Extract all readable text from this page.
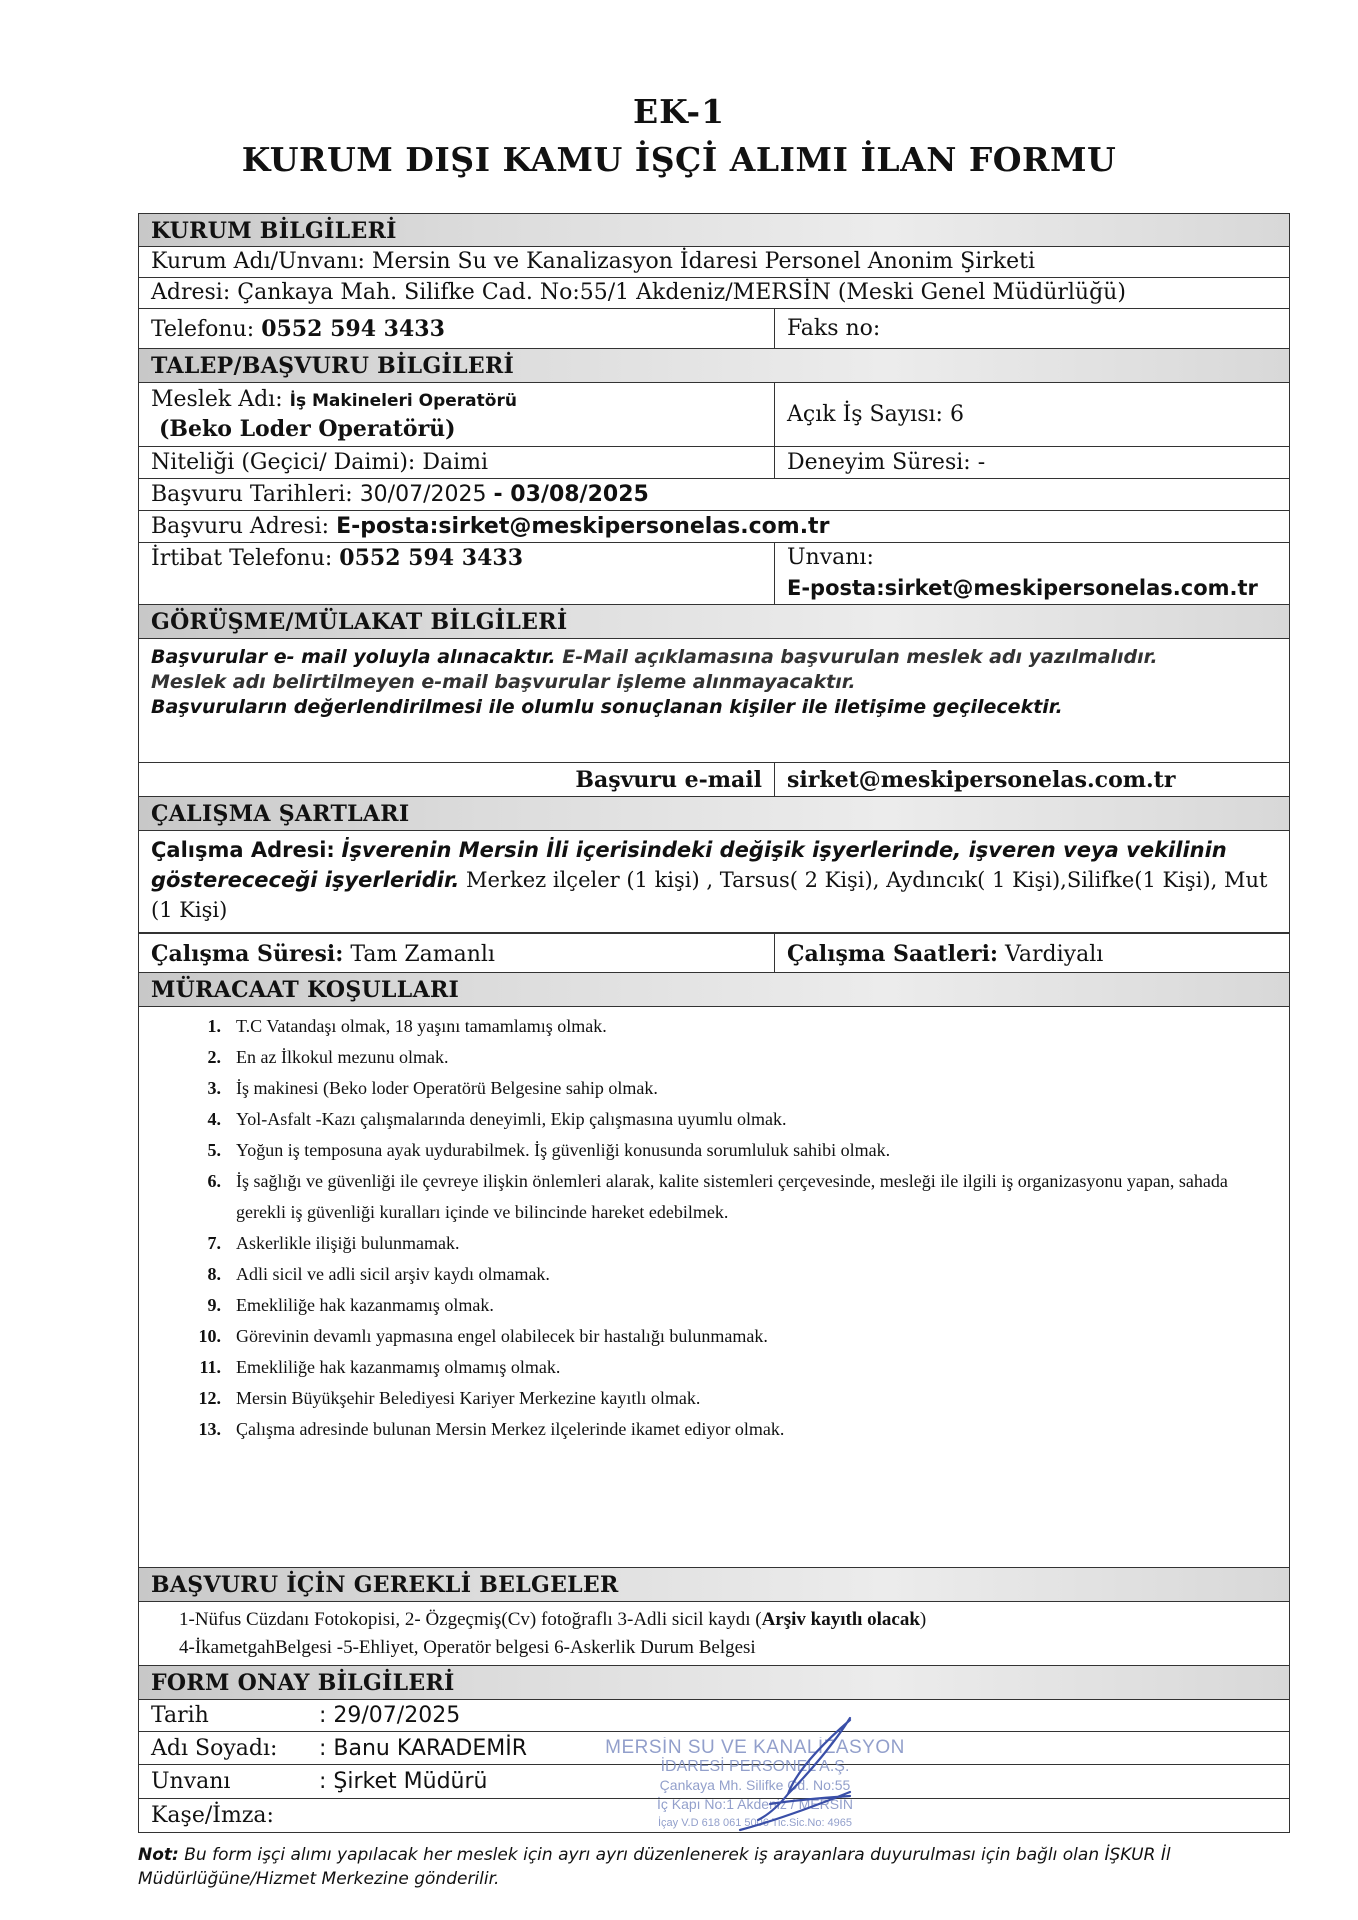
EK-1
KURUM DIŞI KAMU İŞÇİ ALIMI İLAN FORMU
KURUM BİLGİLERİ
Kurum Adı/Unvanı: Mersin Su ve Kanalizasyon İdaresi Personel Anonim Şirketi
Adresi: Çankaya Mah. Silifke Cad. No:55/1 Akdeniz/MERSİN (Meski Genel Müdürlüğü)
Telefonu: 0552 594 3433	Faks no:
TALEP/BAŞVURU BİLGİLERİ
Meslek Adı: İş Makineleri Operatörü
(Beko Loder Operatörü)
Açık İş Sayısı: 6
Niteliği (Geçici/ Daimi): Daimi	Deneyim Süresi: -
Başvuru Tarihleri: 30/07/2025 - 03/08/2025
Başvuru Adresi: E-posta:sirket@meskipersonelas.com.tr
İrtibat Telefonu: 0552 594 3433	Unvanı:
E-posta:sirket@meskipersonelas.com.tr
GÖRÜŞME/MÜLAKAT BİLGİLERİ
Başvurular e- mail yoluyla alınacaktır. E-Mail açıklamasına başvurulan meslek adı yazılmalıdır.
Meslek adı belirtilmeyen e-mail başvurular işleme alınmayacaktır.
Başvuruların değerlendirilmesi ile olumlu sonuçlanan kişiler ile iletişime geçilecektir.
Başvuru e-mail	sirket@meskipersonelas.com.tr
ÇALIŞMA ŞARTLARI
Çalışma Adresi: İşverenin Mersin İli içerisindeki değişik işyerlerinde, işveren veya vekilinin gösterececeği işyerleridir. Merkez ilçeler (1 kişi) , Tarsus( 2 Kişi), Aydıncık( 1 Kişi),Silifke(1 Kişi), Mut (1 Kişi)
Çalışma Süresi: Tam Zamanlı	Çalışma Saatleri: Vardiyalı
MÜRACAAT KOŞULLARI
1. T.C Vatandaşı olmak, 18 yaşını tamamlamış olmak.
2. En az İlkokul mezunu olmak.
3. İş makinesi (Beko loder Operatörü Belgesine sahip olmak.
4. Yol-Asfalt -Kazı çalışmalarında deneyimli, Ekip çalışmasına uyumlu olmak.
5. Yoğun iş temposuna ayak uydurabilmek. İş güvenliği konusunda sorumluluk sahibi olmak.
6. İş sağlığı ve güvenliği ile çevreye ilişkin önlemleri alarak, kalite sistemleri çerçevesinde, mesleği ile ilgili iş organizasyonu yapan, sahada gerekli iş güvenliği kuralları içinde ve bilincinde hareket edebilmek.
7. Askerlikle ilişiği bulunmamak.
8. Adli sicil ve adli sicil arşiv kaydı olmamak.
9. Emekliliğe hak kazanmamış olmak.
10. Görevinin devamlı yapmasına engel olabilecek bir hastalığı bulunmamak.
11. Emekliliğe hak kazanmamış olmamış olmak.
12. Mersin Büyükşehir Belediyesi Kariyer Merkezine kayıtlı olmak.
13. Çalışma adresinde bulunan Mersin Merkez ilçelerinde ikamet ediyor olmak.
BAŞVURU İÇİN GEREKLİ BELGELER
1-Nüfus Cüzdanı Fotokopisi, 2- Özgeçmiş(Cv) fotoğraflı 3-Adli sicil kaydı (Arşiv kayıtlı olacak)
4-İkametgahBelgesi -5-Ehliyet, Operatör belgesi 6-Askerlik Durum Belgesi
FORM ONAY BİLGİLERİ
Tarih	: 29/07/2025
Adı Soyadı: : Banu KARADEMİR
Unvanı	: Şirket Müdürü
Kaşe/İmza:
MERSİN SU VE KANALİZASYON
İDARESİ PERSONEL A.Ş.
Çankaya Mh. Silifke Cd. No:55
İç Kapı No:1 Akdeniz / MERSİN
İçay V.D 618 061 5006 Tic.Sic.No: 4965
Not: Bu form işçi alımı yapılacak her meslek için ayrı ayrı düzenlenerek iş arayanlara duyurulması için bağlı olan İŞKUR İl Müdürlüğüne/Hizmet Merkezine gönderilir.
